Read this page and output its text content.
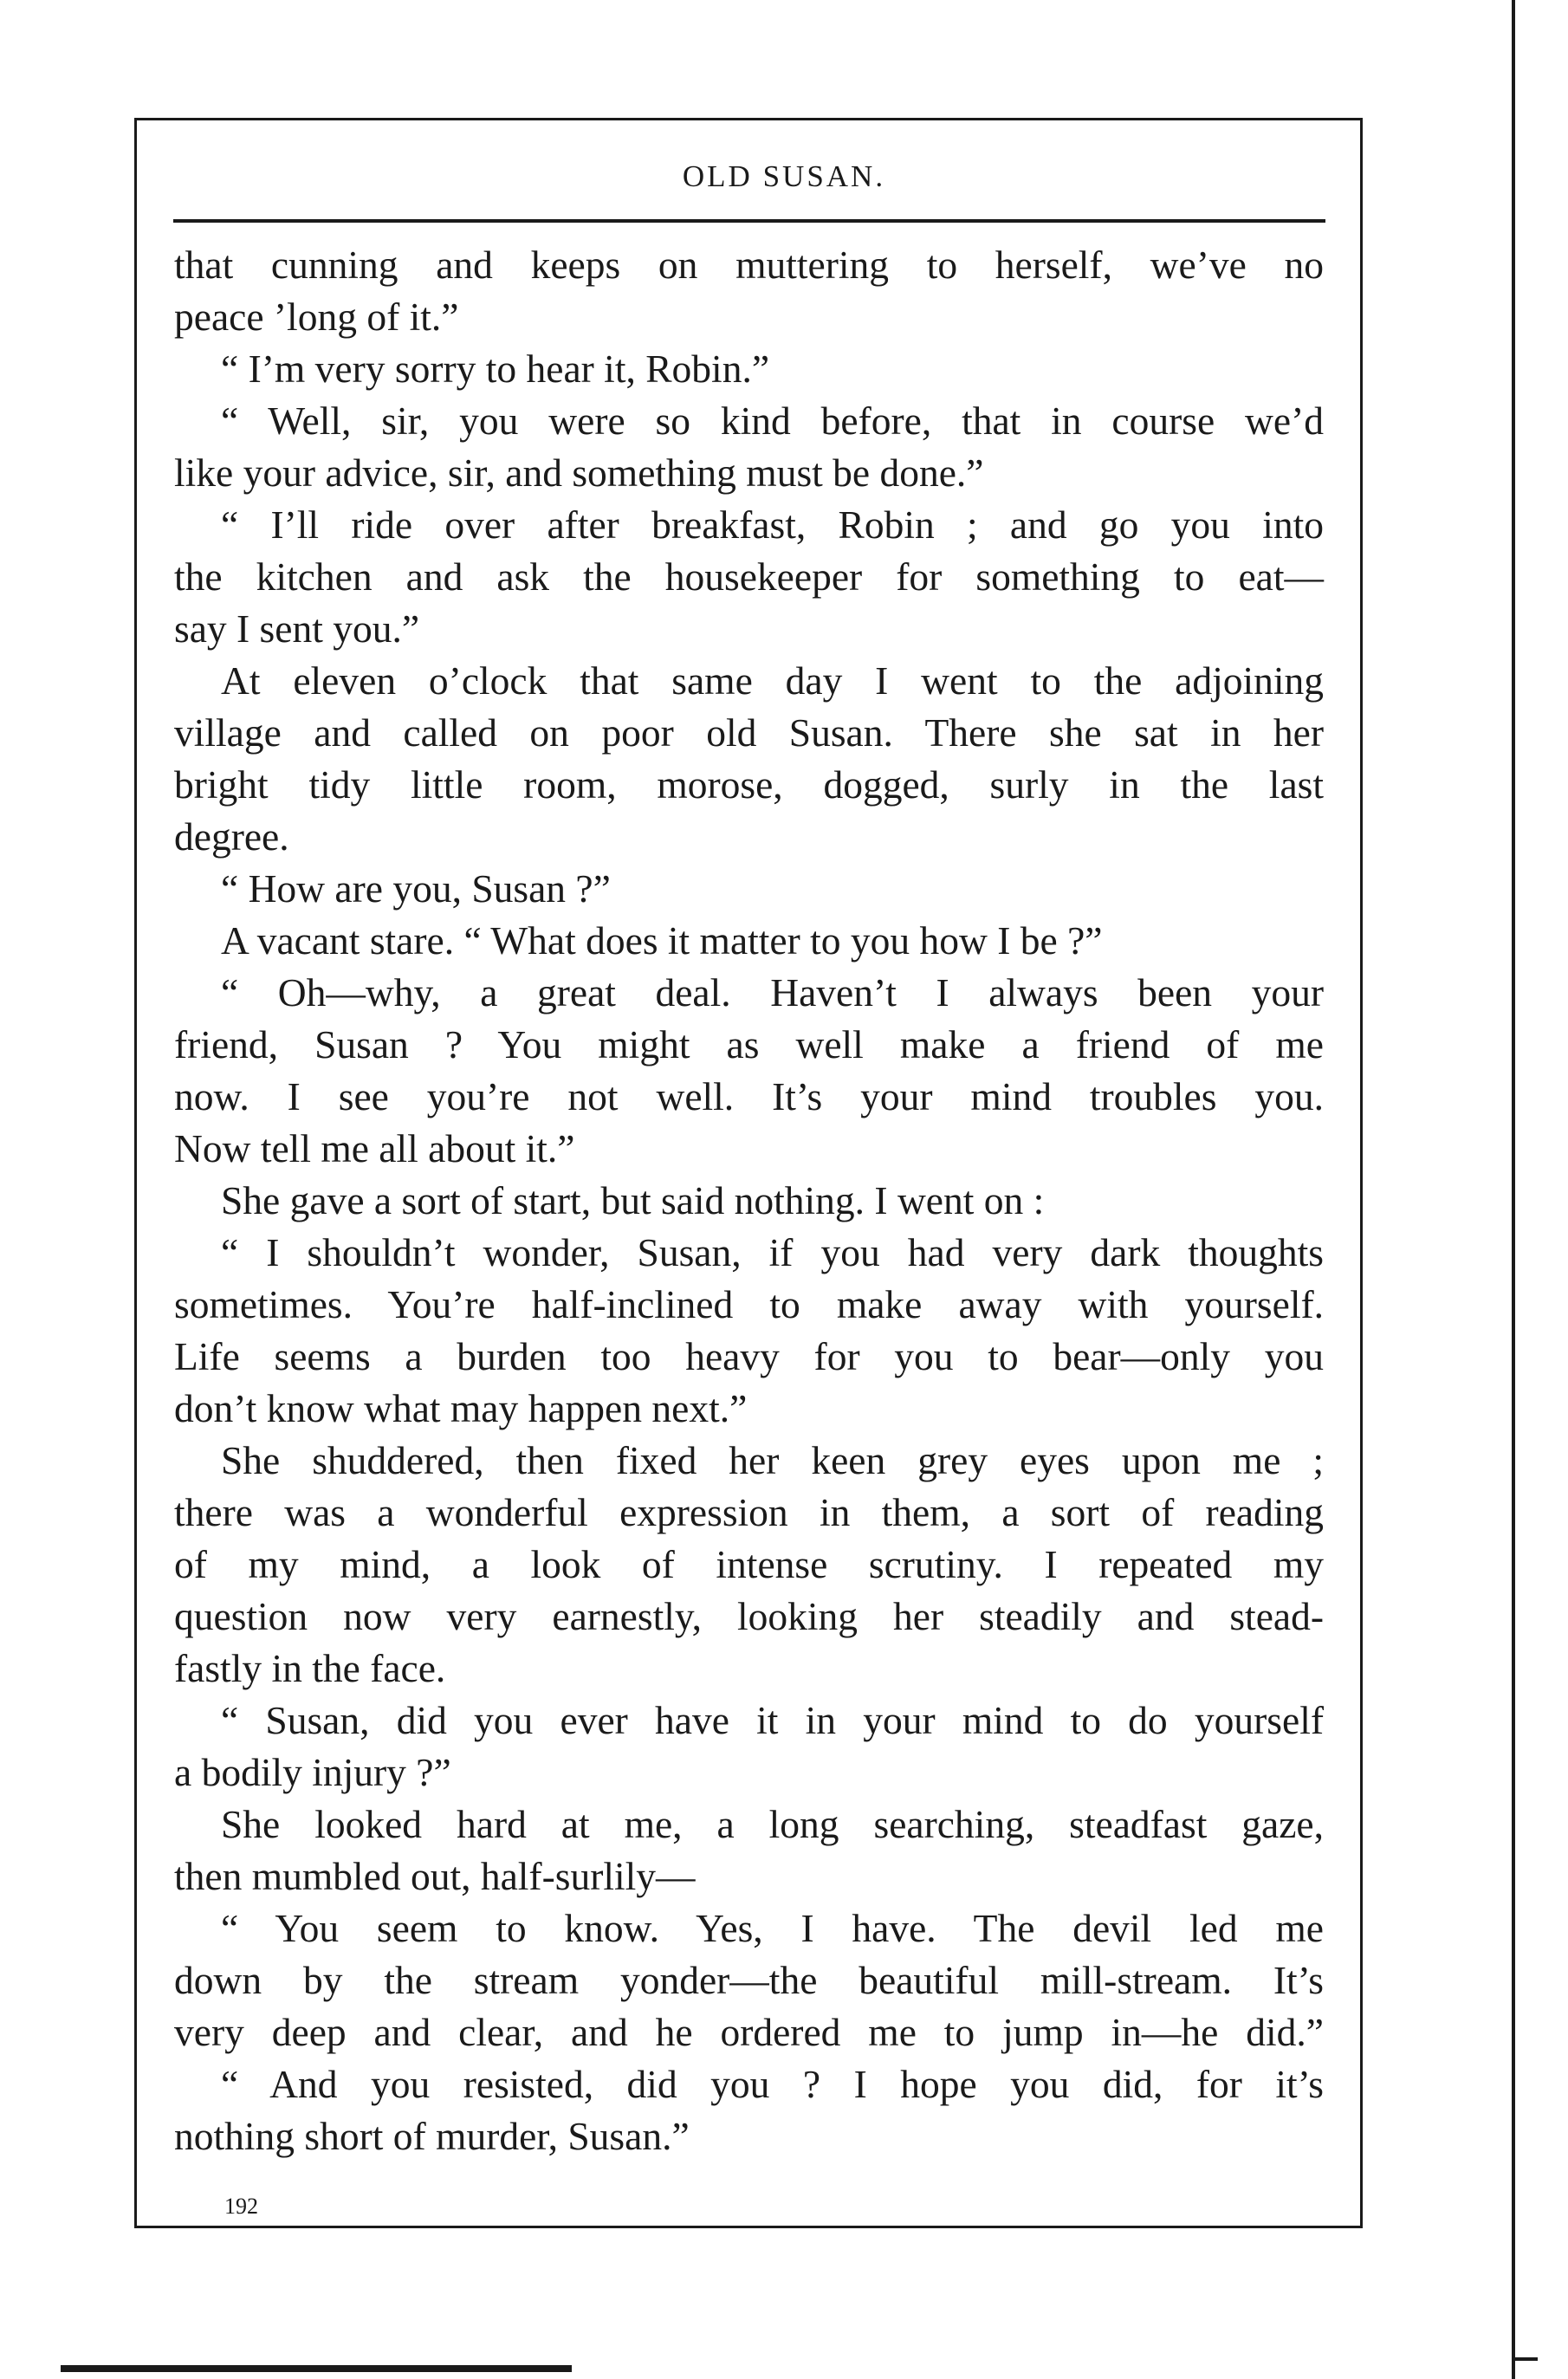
OLD SUSAN.
that cunning and keeps on muttering to herself, we’ve no
peace ’long of it.”
“ I’m very sorry to hear it, Robin.”
“ Well, sir, you were so kind before, that in course we’d
like your advice, sir, and something must be done.”
“ I’ll ride over after breakfast, Robin ; and go you into
the kitchen and ask the housekeeper for something to eat—
say I sent you.”
At eleven o’clock that same day I went to the adjoining
village and called on poor old Susan. There she sat in her
bright tidy little room, morose, dogged, surly in the last
degree.
“ How are you, Susan ?”
A vacant stare. “ What does it matter to you how I be ?”
“ Oh—why, a great deal. Haven’t I always been your
friend, Susan ? You might as well make a friend of me
now. I see you’re not well. It’s your mind troubles you.
Now tell me all about it.”
She gave a sort of start, but said nothing. I went on :
“ I shouldn’t wonder, Susan, if you had very dark thoughts
sometimes. You’re half-inclined to make away with yourself.
Life seems a burden too heavy for you to bear—only you
don’t know what may happen next.”
She shuddered, then fixed her keen grey eyes upon me ;
there was a wonderful expression in them, a sort of reading
of my mind, a look of intense scrutiny. I repeated my
question now very earnestly, looking her steadily and stead-
fastly in the face.
“ Susan, did you ever have it in your mind to do yourself
a bodily injury ?”
She looked hard at me, a long searching, steadfast gaze,
then mumbled out, half-surlily—
“ You seem to know. Yes, I have. The devil led me
down by the stream yonder—the beautiful mill-stream. It’s
very deep and clear, and he ordered me to jump in—he did.”
“ And you resisted, did you ? I hope you did, for it’s
nothing short of murder, Susan.”

192
